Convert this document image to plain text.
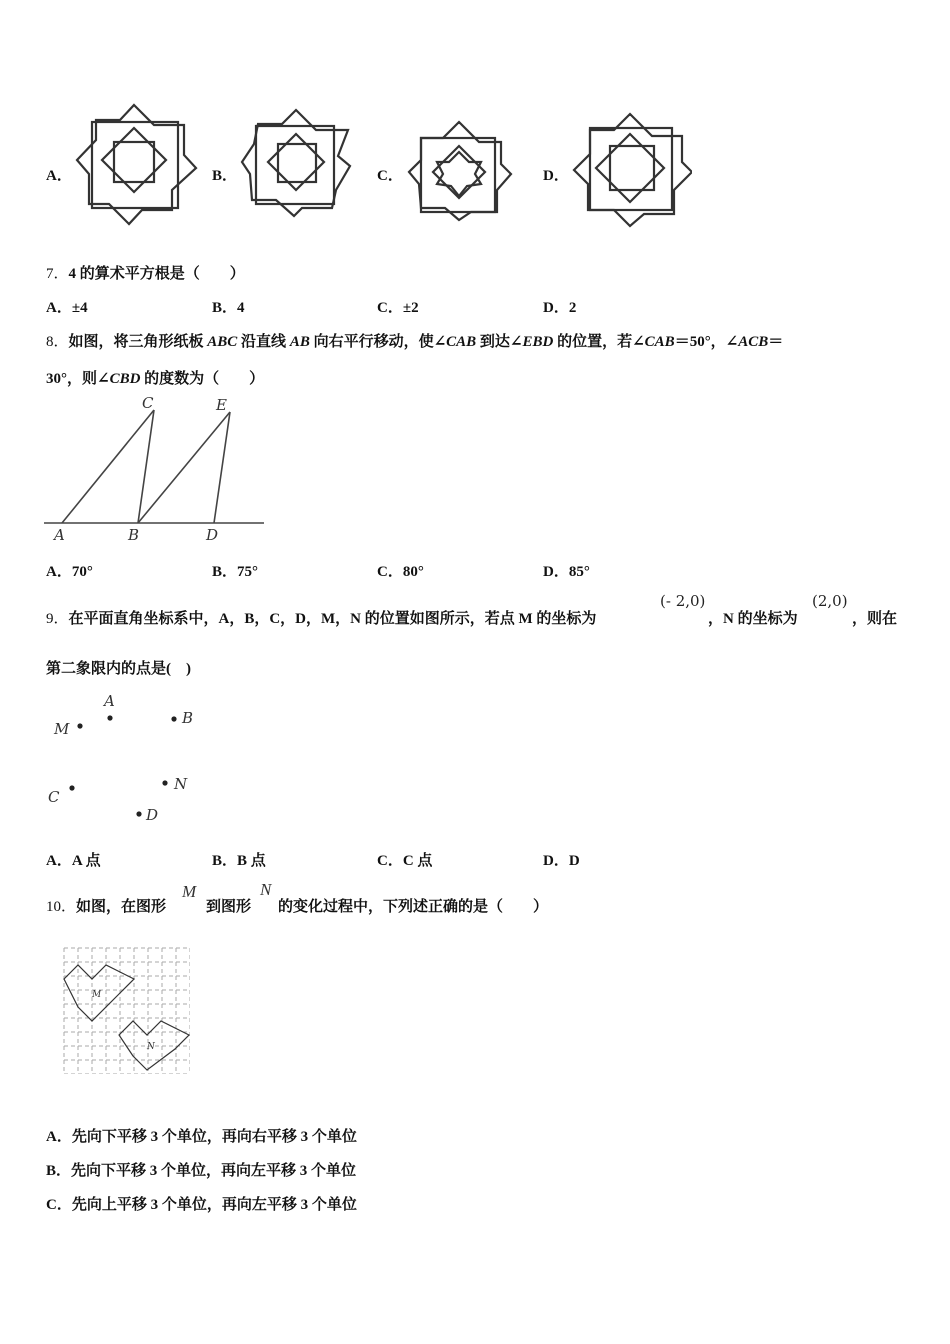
A．	B．	C．	D．
7．4 的算术平方根是（　　）
A．±4	B．4	C．±2	D．2
8．如图，将三角形纸板 ABC 沿直线 AB 向右平行移动，使∠CAB 到达∠EBD 的位置，若∠CAB＝50°，∠ACB＝
30°，则∠CBD 的度数为（　　）
A	B
C
D
E
A．70°	B．75°	C．80°	D．85°
9．在平面直角坐标系中，A，B，C，D，M，N 的位置如图所示，若点 M 的坐标为
(- 2,0)
，N 的坐标为
(2,0)
，则在
第二象限内的点是(　)
M
A
B
C
N
D
A．A 点	B．B 点	C．C 点	D．D
10．如图，在图形
M
到图形
N
的变化过程中，下列述正确的是（　　）
M
N
A．先向下平移 3 个单位，再向右平移 3 个单位
B．先向下平移 3 个单位，再向左平移 3 个单位
C．先向上平移 3 个单位，再向左平移 3 个单位
